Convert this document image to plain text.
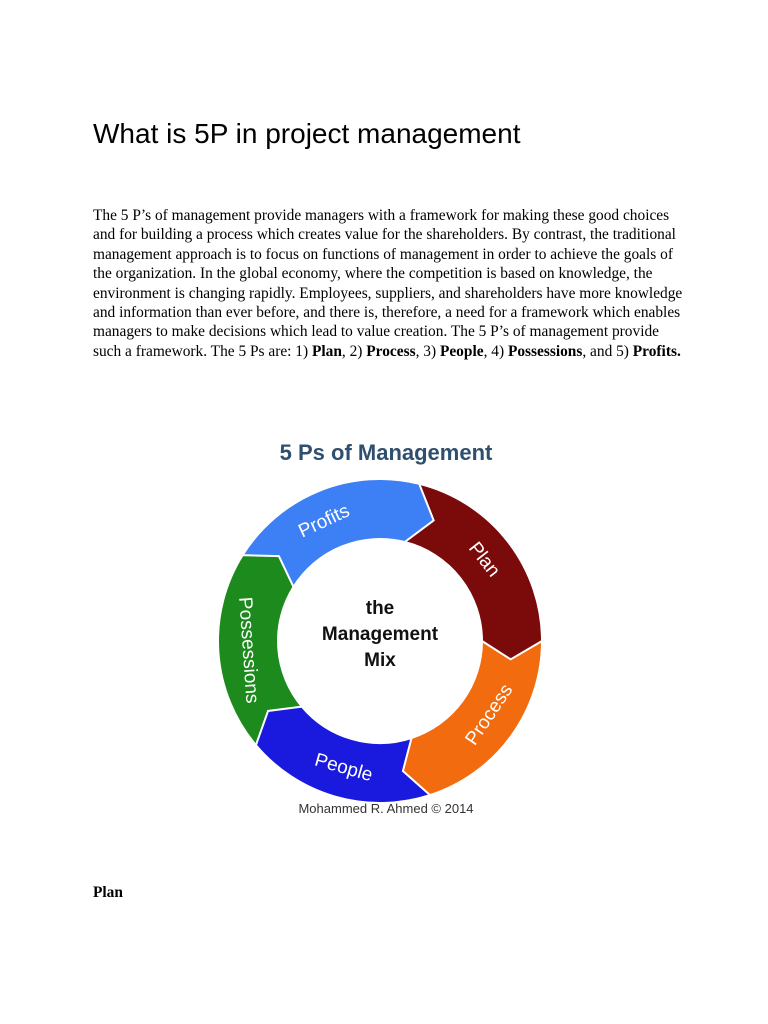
What is 5P in project management

The 5 P’s of management provide managers with a framework for making these good choices and for building a process which creates value for the shareholders. By contrast, the traditional management approach is to focus on functions of management in order to achieve the goals of the organization. In the global economy, where the competition is based on knowledge, the environment is changing rapidly. Employees, suppliers, and shareholders have more knowledge and information than ever before, and there is, therefore, a need for a framework which enables managers to make decisions which lead to value creation. The 5 P’s of management provide such a framework. The 5 Ps are: 1) Plan, 2) Process, 3) People, 4) Possessions, and 5) Profits.

5 Ps of Management
Plan
Process
People
Possessions
Profits
the
Management
Mix
Mohammed R. Ahmed © 2014

Plan
